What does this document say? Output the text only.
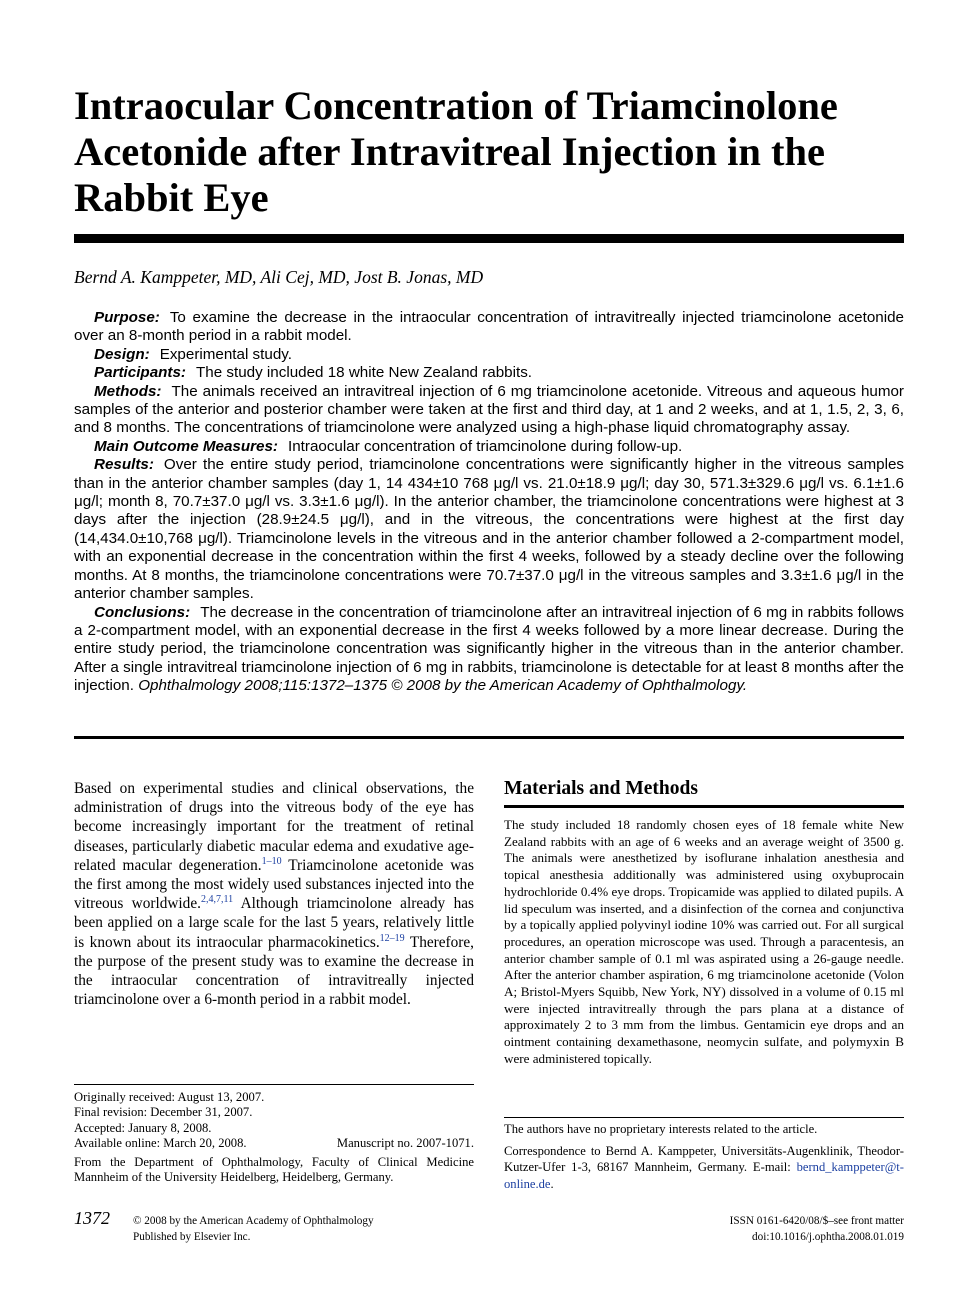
Intraocular Concentration of Triamcinolone Acetonide after Intravitreal Injection in the Rabbit Eye
Bernd A. Kamppeter, MD, Ali Cej, MD, Jost B. Jonas, MD

Purpose: To examine the decrease in the intraocular concentration of intravitreally injected triamcinolone acetonide over an 8-month period in a rabbit model.

Design: Experimental study.

Participants: The study included 18 white New Zealand rabbits.

Methods: The animals received an intravitreal injection of 6 mg triamcinolone acetonide. Vitreous and aqueous humor samples of the anterior and posterior chamber were taken at the first and third day, at 1 and 2 weeks, and at 1, 1.5, 2, 3, 6, and 8 months. The concentrations of triamcinolone were analyzed using a high-phase liquid chromatography assay.

Main Outcome Measures: Intraocular concentration of triamcinolone during follow-up.

Results: Over the entire study period, triamcinolone concentrations were significantly higher in the vitreous samples than in the anterior chamber samples (day 1, 14 434±10 768 μg/l vs. 21.0±18.9 μg/l; day 30, 571.3±329.6 μg/l vs. 6.1±1.6 μg/l; month 8, 70.7±37.0 μg/l vs. 3.3±1.6 μg/l). In the anterior chamber, the triamcinolone concentrations were highest at 3 days after the injection (28.9±24.5 μg/l), and in the vitreous, the concentrations were highest at the first day (14,434.0±10,768 μg/l). Triamcinolone levels in the vitreous and in the anterior chamber followed a 2-compartment model, with an exponential decrease in the concentration within the first 4 weeks, followed by a steady decline over the following months. At 8 months, the triamcinolone concentrations were 70.7±37.0 μg/l in the vitreous samples and 3.3±1.6 μg/l in the anterior chamber samples.

Conclusions: The decrease in the concentration of triamcinolone after an intravitreal injection of 6 mg in rabbits follows a 2-compartment model, with an exponential decrease in the first 4 weeks followed by a more linear decrease. During the entire study period, the triamcinolone concentration was significantly higher in the vitreous than in the anterior chamber. After a single intravitreal triamcinolone injection of 6 mg in rabbits, triamcinolone is detectable for at least 8 months after the injection. Ophthalmology 2008;115:1372–1375 © 2008 by the American Academy of Ophthalmology.

Based on experimental studies and clinical observations, the administration of drugs into the vitreous body of the eye has become increasingly important for the treatment of retinal diseases, particularly diabetic macular edema and exudative age-related macular degeneration.$^{1-10}$ Triamcinolone acetonide was the first among the most widely used substances injected into the vitreous worldwide.$^{2,4,7,11}$ Although triamcinolone already has been applied on a large scale for the last 5 years, relatively little is known about its intraocular pharmacokinetics.$^{12-19}$ Therefore, the purpose of the present study was to examine the decrease in the intraocular concentration of intravitreally injected triamcinolone over a 6-month period in a rabbit model.

Originally received: August 13, 2007.
Final revision: December 31, 2007.
Accepted: January 8, 2008.
Available online: March 20, 2008.	Manuscript no. 2007-1071.
From the Department of Ophthalmology, Faculty of Clinical Medicine Mannheim of the University Heidelberg, Heidelberg, Germany.
Materials and Methods

The study included 18 randomly chosen eyes of 18 female white New Zealand rabbits with an age of 6 weeks and an average weight of 3500 g. The animals were anesthetized by isoflurane inhalation anesthesia and topical anesthesia additionally was administered using oxybuprocain hydrochloride 0.4% eye drops. Tropicamide was applied to dilated pupils. A lid speculum was inserted, and a disinfection of the cornea and conjunctiva by a topically applied polyvinyl iodine 10% was carried out. For all surgical procedures, an operation microscope was used. Through a paracentesis, an anterior chamber sample of 0.1 ml was aspirated using a 26-gauge needle. After the anterior chamber aspiration, 6 mg triamcinolone acetonide (Volon A; Bristol-Myers Squibb, New York, NY) dissolved in a volume of 0.15 ml were injected intravitreally through the pars plana at a distance of approximately 2 to 3 mm from the limbus. Gentamicin eye drops and an ointment containing dexamethasone, neomycin sulfate, and polymyxin B were administered topically.

The authors have no proprietary interests related to the article.

Correspondence to Bernd A. Kamppeter, Universitäts-Augenklinik, Theodor-Kutzer-Ufer 1-3, 68167 Mannheim, Germany. E-mail: bernd_kamppeter@t-online.de.

1372 © 2008 by the American Academy of Ophthalmology
Published by Elsevier Inc.
ISSN 0161-6420/08/$–see front matter
doi:10.1016/j.ophtha.2008.01.019
